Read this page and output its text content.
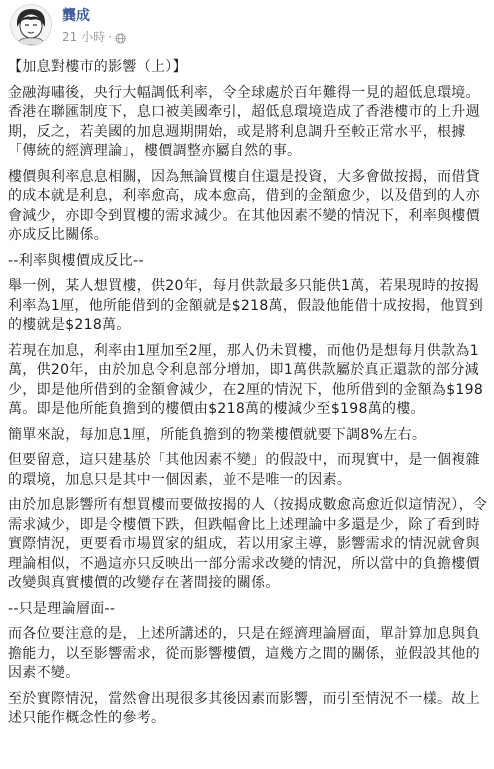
龔成
21 小時 ·

【加息對樓市的影響（上）】

金融海嘯後，央行大幅調低利率，令全球處於百年難得一見的超低息環境。香港在聯匯制度下，息口被美國牽引，超低息環境造成了香港樓市的上升週期，反之，若美國的加息週期開始，或是將利息調升至較正常水平，根據「傳統的經濟理論」，樓價調整亦屬自然的事。

樓價與利率息息相關，因為無論買樓自住還是投資，大多會做按揭，而借貸的成本就是利息，利率愈高，成本愈高，借到的金額愈少，以及借到的人亦會減少，亦即令到買樓的需求減少。在其他因素不變的情況下，利率與樓價亦成反比關係。

--利率與樓價成反比--

舉一例，某人想買樓，供20年，每月供款最多只能供1萬，若果現時的按揭利率為1厘，他所能借到的金額就是$218萬，假設他能借十成按揭，他買到的樓就是$218萬。

若現在加息，利率由1厘加至2厘，那人仍未買樓，而他仍是想每月供款為1萬，供20年，由於加息令利息部分增加，即1萬供款屬於真正還款的部分減少，即是他所借到的金額會減少，在2厘的情況下，他所借到的金額為$198萬。即是他所能負擔到的樓價由$218萬的樓減少至$198萬的樓。

簡單來說，每加息1厘，所能負擔到的物業樓價就要下調8%左右。

但要留意，這只建基於「其他因素不變」的假設中，而現實中，是一個複雜的環境，加息只是其中一個因素，並不是唯一的因素。

由於加息影響所有想買樓而要做按揭的人（按揭成數愈高愈近似這情況），令需求減少，即是令樓價下跌，但跌幅會比上述理論中多還是少，除了看到時實際情況，更要看市場買家的組成，若以用家主導，影響需求的情況就會與理論相似，不過這亦只反映出一部分需求改變的情況，所以當中的負擔樓價改變與真實樓價的改變存在著間接的關係。

--只是理論層面--

而各位要注意的是，上述所講述的，只是在經濟理論層面，單計算加息與負擔能力，以至影響需求，從而影響樓價，這幾方之間的關係，並假設其他的因素不變。

至於實際情況，當然會出現很多其後因素而影響，而引至情況不一樣。故上述只能作概念性的參考。
